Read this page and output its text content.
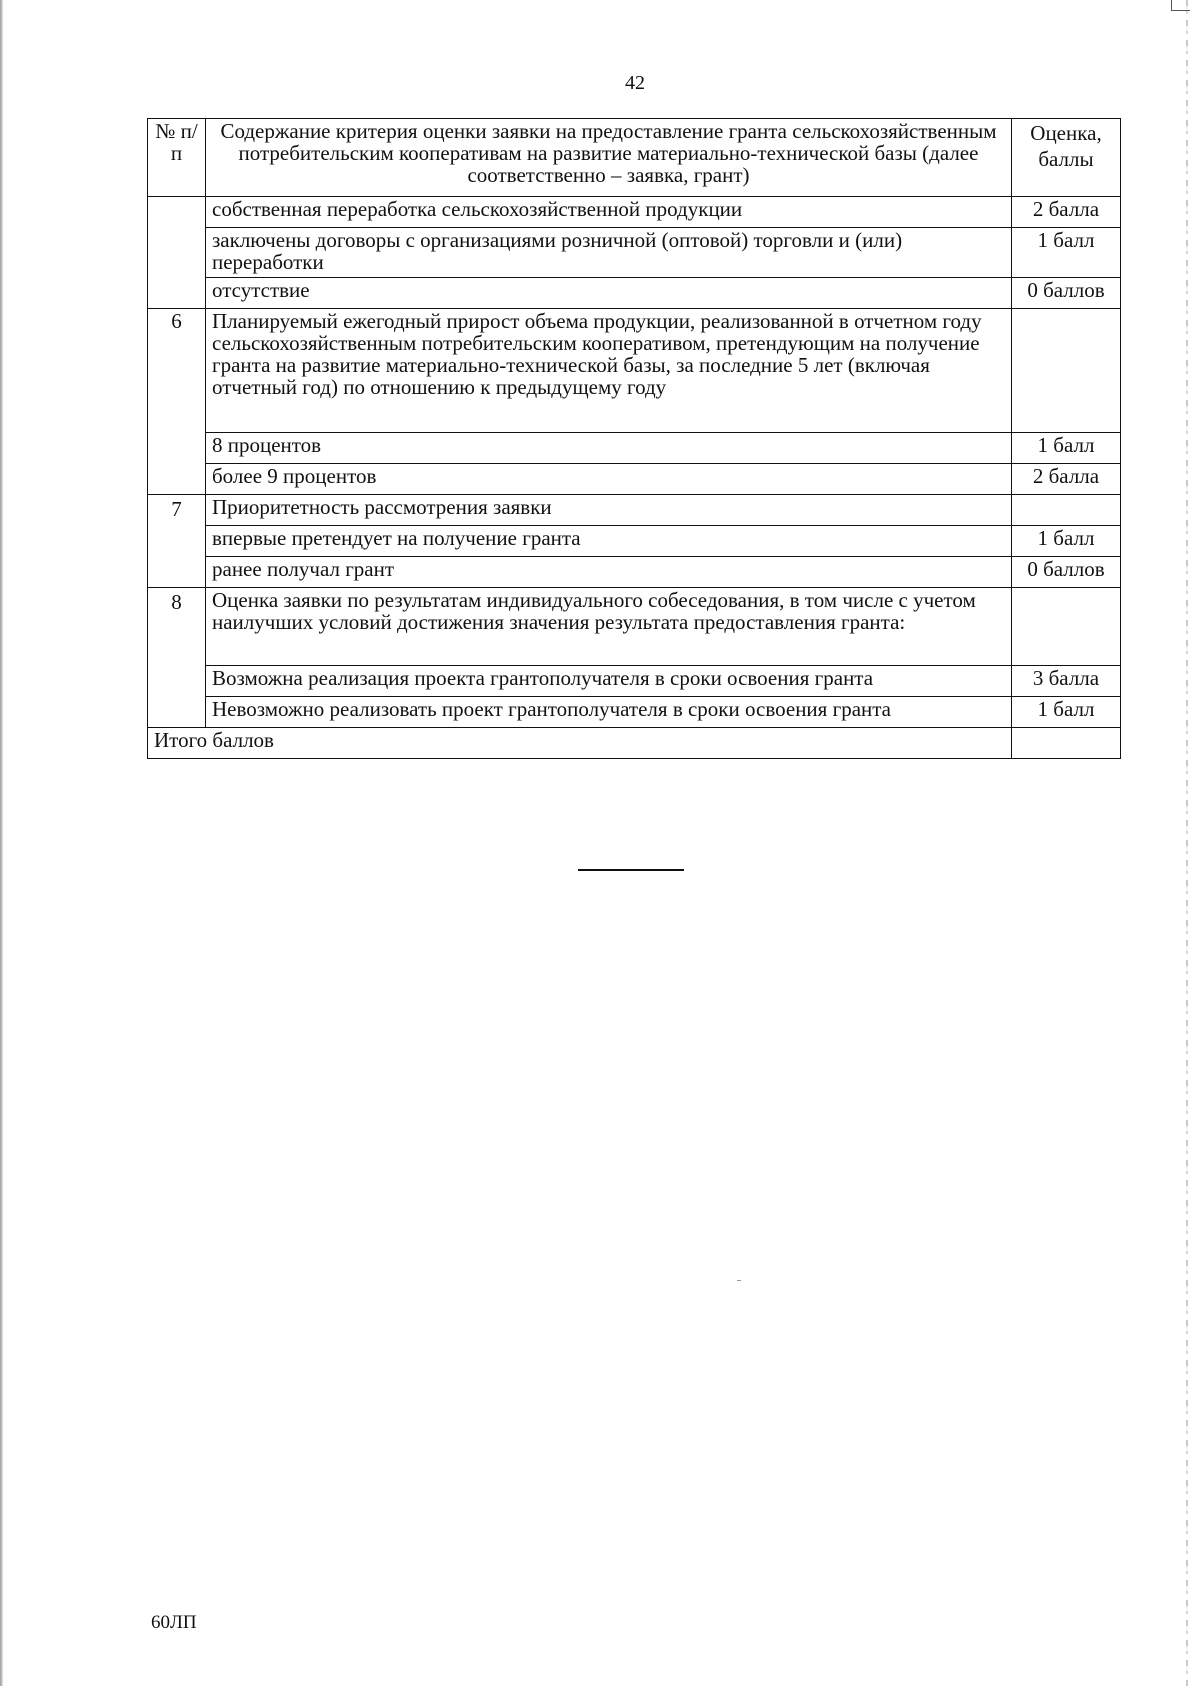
42
№ п/п	Содержание критерия оценки заявки на предоставление гранта сельскохозяйственным потребительским кооперативам на развитие материально-технической базы (далее соответственно – заявка, грант)	Оценка, баллы
	собственная переработка сельскохозяйственной продукции	2 балла
	заключены договоры с организациями розничной (оптовой) торговли и (или) переработки	1 балл
	отсутствие	0 баллов
6	Планируемый ежегодный прирост объема продукции, реализованной в отчетном году сельскохозяйственным потребительским кооперативом, претендующим на получение гранта на развитие материально-технической базы, за последние 5 лет (включая отчетный год) по отношению к предыдущему году	
	8 процентов	1 балл
	более 9 процентов	2 балла
7	Приоритетность рассмотрения заявки	
	впервые претендует на получение гранта	1 балл
	ранее получал грант	0 баллов
8	Оценка заявки по результатам индивидуального собеседования, в том числе с учетом наилучших условий достижения значения результата предоставления гранта:	
	Возможна реализация проекта грантополучателя в сроки освоения гранта	3 балла
	Невозможно реализовать проект грантополучателя в сроки освоения гранта	1 балл
Итого баллов		
60ЛП
